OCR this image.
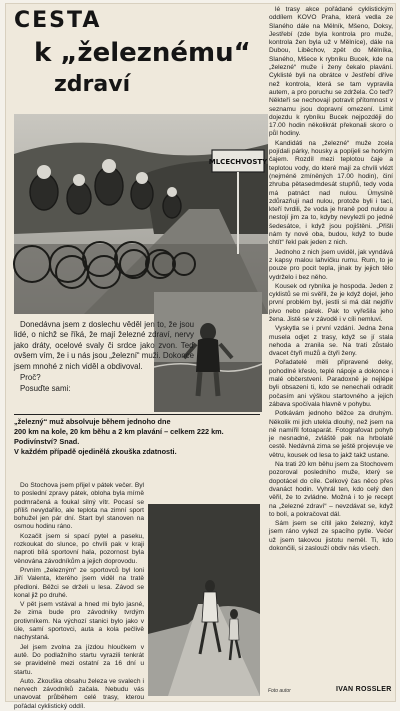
CESTA
k „železnému“
zdraví
MLCECHVOSTY

lé trasy akce pořádané cyklistickým oddílem KOVO Praha, která vedla ze Slaného dále na Mělník, Mšeno, Doksy, Jestřebí (zde byla kontrola pro muže, kontrola žen byla už v Mělníce), dále na Dubou, Liběchov, zpět do Mělníka, Slaného, Mšece k rybníku Bucek, kde na „železné“ muže i ženy čekalo plavání. Cyklisté byli na obrátce v Jestřebí dříve než kontrola, která se tam vypravila autem, a pro poruchu se zdržela. Co teď? Někteří se nechovají potravit přítomnost v seznamu jsou dopravní omezení. Limit dojezdu k rybníku Bucek nejpozději do 17.00 hodin několikrát překonali skoro o půl hodiny.

Kandidáti na „železné“ muže zcela pojídali párky, housky a popíjeli se horkým čajem. Rozdíl mezi teplotou čaje a teplotou vody, do které mají za chvíli vlézt (nejméně zmíněných 17.00 hodin), činí zhruba pětasedmdesát stupňů, tedy voda má patnáct nad nulou. Úmyslně zdůrazňuji nad nulou, protože byli i tací, kteří tvrdili, že voda je hraně pod nulou a nestojí jim za to, kdyby nevylezli po jedné šedesátce, i když jsou pojištěni. „Přišli nám ty nové oba, budou, když to bude chtít“ řekl pak jeden z nich.

Jednoho z nich jsem uviděl, jak vyndává z kapsy malou lahvičku rumu. Rum, to je pouze pro pocit tepla, jinak by jejich tělo vydrželo i bez něho.

Kousek od rybníka je hospoda. Jeden z cyklistů se mi svěřil, že je když dojel, jeho první problém byl, jestli si má dát nejdřív pivo nebo párek. Pak to vyřešila jeho žena. Jistě se v závodě i v cíli nemluví.

Vyskytla se i první vzdání. Jedna žena musela odjet z trasy, když se jí stala nehoda a zranila se. Na trati zůstalo dvacet čtyři mužů a čtyři ženy.

Pořadatelé měli připravené deky, pohodlné křeslo, teplé nápoje a dokonce i malé občerstvení. Paradoxně je nejlépe byli obsazeni ti, kdo se nenechali odradit počasím ani výškou startovného a jejich zábava spočívala hlavně v pohybu.

Potkávám jednoho běžce za druhým. Několik mi jich utekla dlouhý, než jsem na ně namířil fotoaparát. Fotografovat pohyb je nesnadné, zvláště pak na hrbolaté cestě. Nedávná zima se ještě projevuje ve větru, kousek od lesa to jakž takž ustane.

Na trati 20 km běhu jsem za Stochovem pozoroval posledního muže, který se dopotácel do cíle. Celkový čas něco přes dvanáct hodin. Vyhrál ten, kdo celý den věřil, že to zvládne. Možná i to je recept na „železné zdraví“ – nevzdávat se, když to bolí, a pokračovat dál.

Sám jsem se cítil jako železný, když jsem ráno vylezl ze spacího pytle. Večer už jsem takovou jistotu neměl. Ti, kdo dokončili, si zaslouží obdiv nás všech.

Donedávna jsem z doslechu věděl jen to, že jsou lidé, o nichž se říká, že mají železné zdraví, nervy jako dráty, ocelové svaly či srdce jako zvon. Teď ovšem vím, že i u nás jsou „železní“ muži. Dokonce jsem mnohé z nich viděl a obdivoval.

Proč?

Posuďte sami:

„železný“ muž absolvuje během jednoho dne
200 km na kole, 20 km běhu a 2 km plavání – celkem 222 km.
Podivínství? Snad.
V každém případě ojedinělá zkouška zdatnosti.

Do Stochova jsem přijel v pátek večer. Byl to poslední zpravy pátek, obloha byla mírně podmračená a foukal silný vítr. Pocasí se příliš nevydařilo, ale teplota na zimní sport bohužel jen pár dní. Start byl stanoven na osmou hodinu ráno.

Kozačit jsem si spací pytel a paseku, rozkoukat do slunce, po chvíli pak v kraji naproti bílá sportovní hala, pozornost byla věnována závodníkům a jejich doprovodu.

Prvním „železným“ ze sportovců byl loni Jiří Valenta, kterého jsem viděl na tratě předloni. Běžci se drželi u lesa. Závod se konal již po druhé.

V pět jsem vstával a hned mi bylo jasné, že zima bude pro závodníky tvrdým protivníkem. Na výchozí stanici bylo jako v úle, samí sportovci, auta a kola pečlivě nachystaná.

Jel jsem zvolna za jízdou hloučkem v autě. Do podlažního startu vyrazili tenkrát se pravidelně mezi ostatní za 16 dní u startu.

Auto. Zkouška obsahu železa ve svalech i nervech závodníků začala. Nebudu vás unavovat průběhem celé trasy, kterou pořádal cyklistický oddíl.

Foto autor	IVAN ROSSLER
